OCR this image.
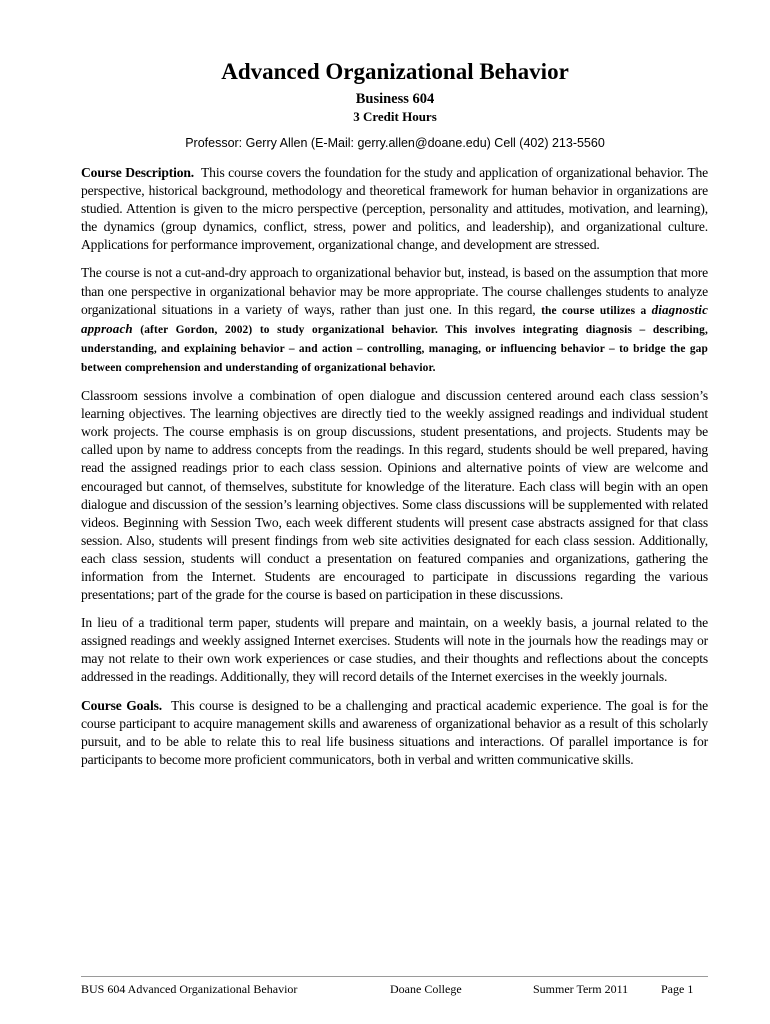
Advanced Organizational Behavior
Business 604
3 Credit Hours
Professor: Gerry Allen (E-Mail: gerry.allen@doane.edu) Cell (402) 213-5560

Course Description. This course covers the foundation for the study and application of organizational behavior. The perspective, historical background, methodology and theoretical framework for human behavior in organizations are studied. Attention is given to the micro perspective (perception, personality and attitudes, motivation, and learning), the dynamics (group dynamics, conflict, stress, power and politics, and leadership), and organizational culture. Applications for performance improvement, organizational change, and development are stressed.

The course is not a cut-and-dry approach to organizational behavior but, instead, is based on the assumption that more than one perspective in organizational behavior may be more appropriate. The course challenges students to analyze organizational situations in a variety of ways, rather than just one. In this regard, the course utilizes a diagnostic approach (after Gordon, 2002) to study organizational behavior. This involves integrating diagnosis – describing, understanding, and explaining behavior – and action – controlling, managing, or influencing behavior – to bridge the gap between comprehension and understanding of organizational behavior.

Classroom sessions involve a combination of open dialogue and discussion centered around each class session’s learning objectives. The learning objectives are directly tied to the weekly assigned readings and individual student work projects. The course emphasis is on group discussions, student presentations, and projects. Students may be called upon by name to address concepts from the readings. In this regard, students should be well prepared, having read the assigned readings prior to each class session. Opinions and alternative points of view are welcome and encouraged but cannot, of themselves, substitute for knowledge of the literature. Each class will begin with an open dialogue and discussion of the session’s learning objectives. Some class discussions will be supplemented with related videos. Beginning with Session Two, each week different students will present case abstracts assigned for that class session. Also, students will present findings from web site activities designated for each class session. Additionally, each class session, students will conduct a presentation on featured companies and organizations, gathering the information from the Internet. Students are encouraged to participate in discussions regarding the various presentations; part of the grade for the course is based on participation in these discussions.

In lieu of a traditional term paper, students will prepare and maintain, on a weekly basis, a journal related to the assigned readings and weekly assigned Internet exercises. Students will note in the journals how the readings may or may not relate to their own work experiences or case studies, and their thoughts and reflections about the concepts addressed in the readings. Additionally, they will record details of the Internet exercises in the weekly journals.

Course Goals. This course is designed to be a challenging and practical academic experience. The goal is for the course participant to acquire management skills and awareness of organizational behavior as a result of this scholarly pursuit, and to be able to relate this to real life business situations and interactions. Of parallel importance is for participants to become more proficient communicators, both in verbal and written communicative skills.

BUS 604 Advanced Organizational Behavior	Doane College	Summer Term 2011	Page 1
